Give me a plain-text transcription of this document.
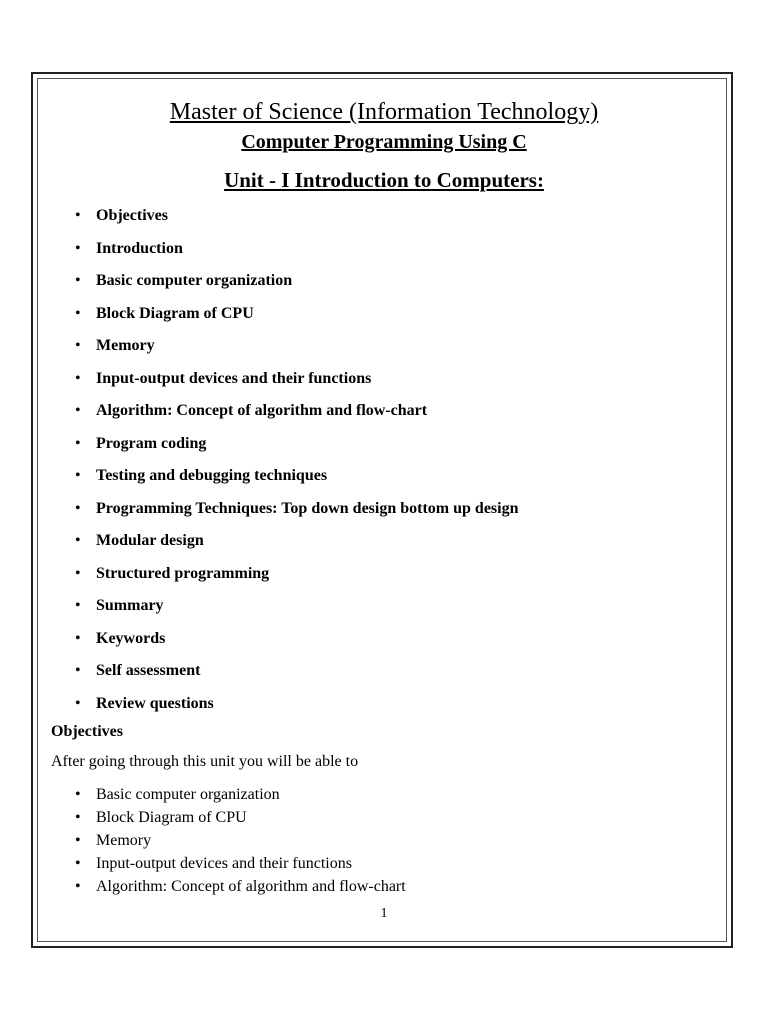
Master of Science (Information Technology)
Computer Programming Using C
Unit - I Introduction to Computers:
• Objectives
• Introduction
• Basic computer organization
• Block Diagram of CPU
• Memory
• Input-output devices and their functions
• Algorithm: Concept of algorithm and flow-chart
• Program coding
• Testing and debugging techniques
• Programming Techniques: Top down design bottom up design
• Modular design
• Structured programming
• Summary
• Keywords
• Self assessment
• Review questions
Objectives
After going through this unit you will be able to
• Basic computer organization
• Block Diagram of CPU
• Memory
• Input-output devices and their functions
• Algorithm: Concept of algorithm and flow-chart
1
